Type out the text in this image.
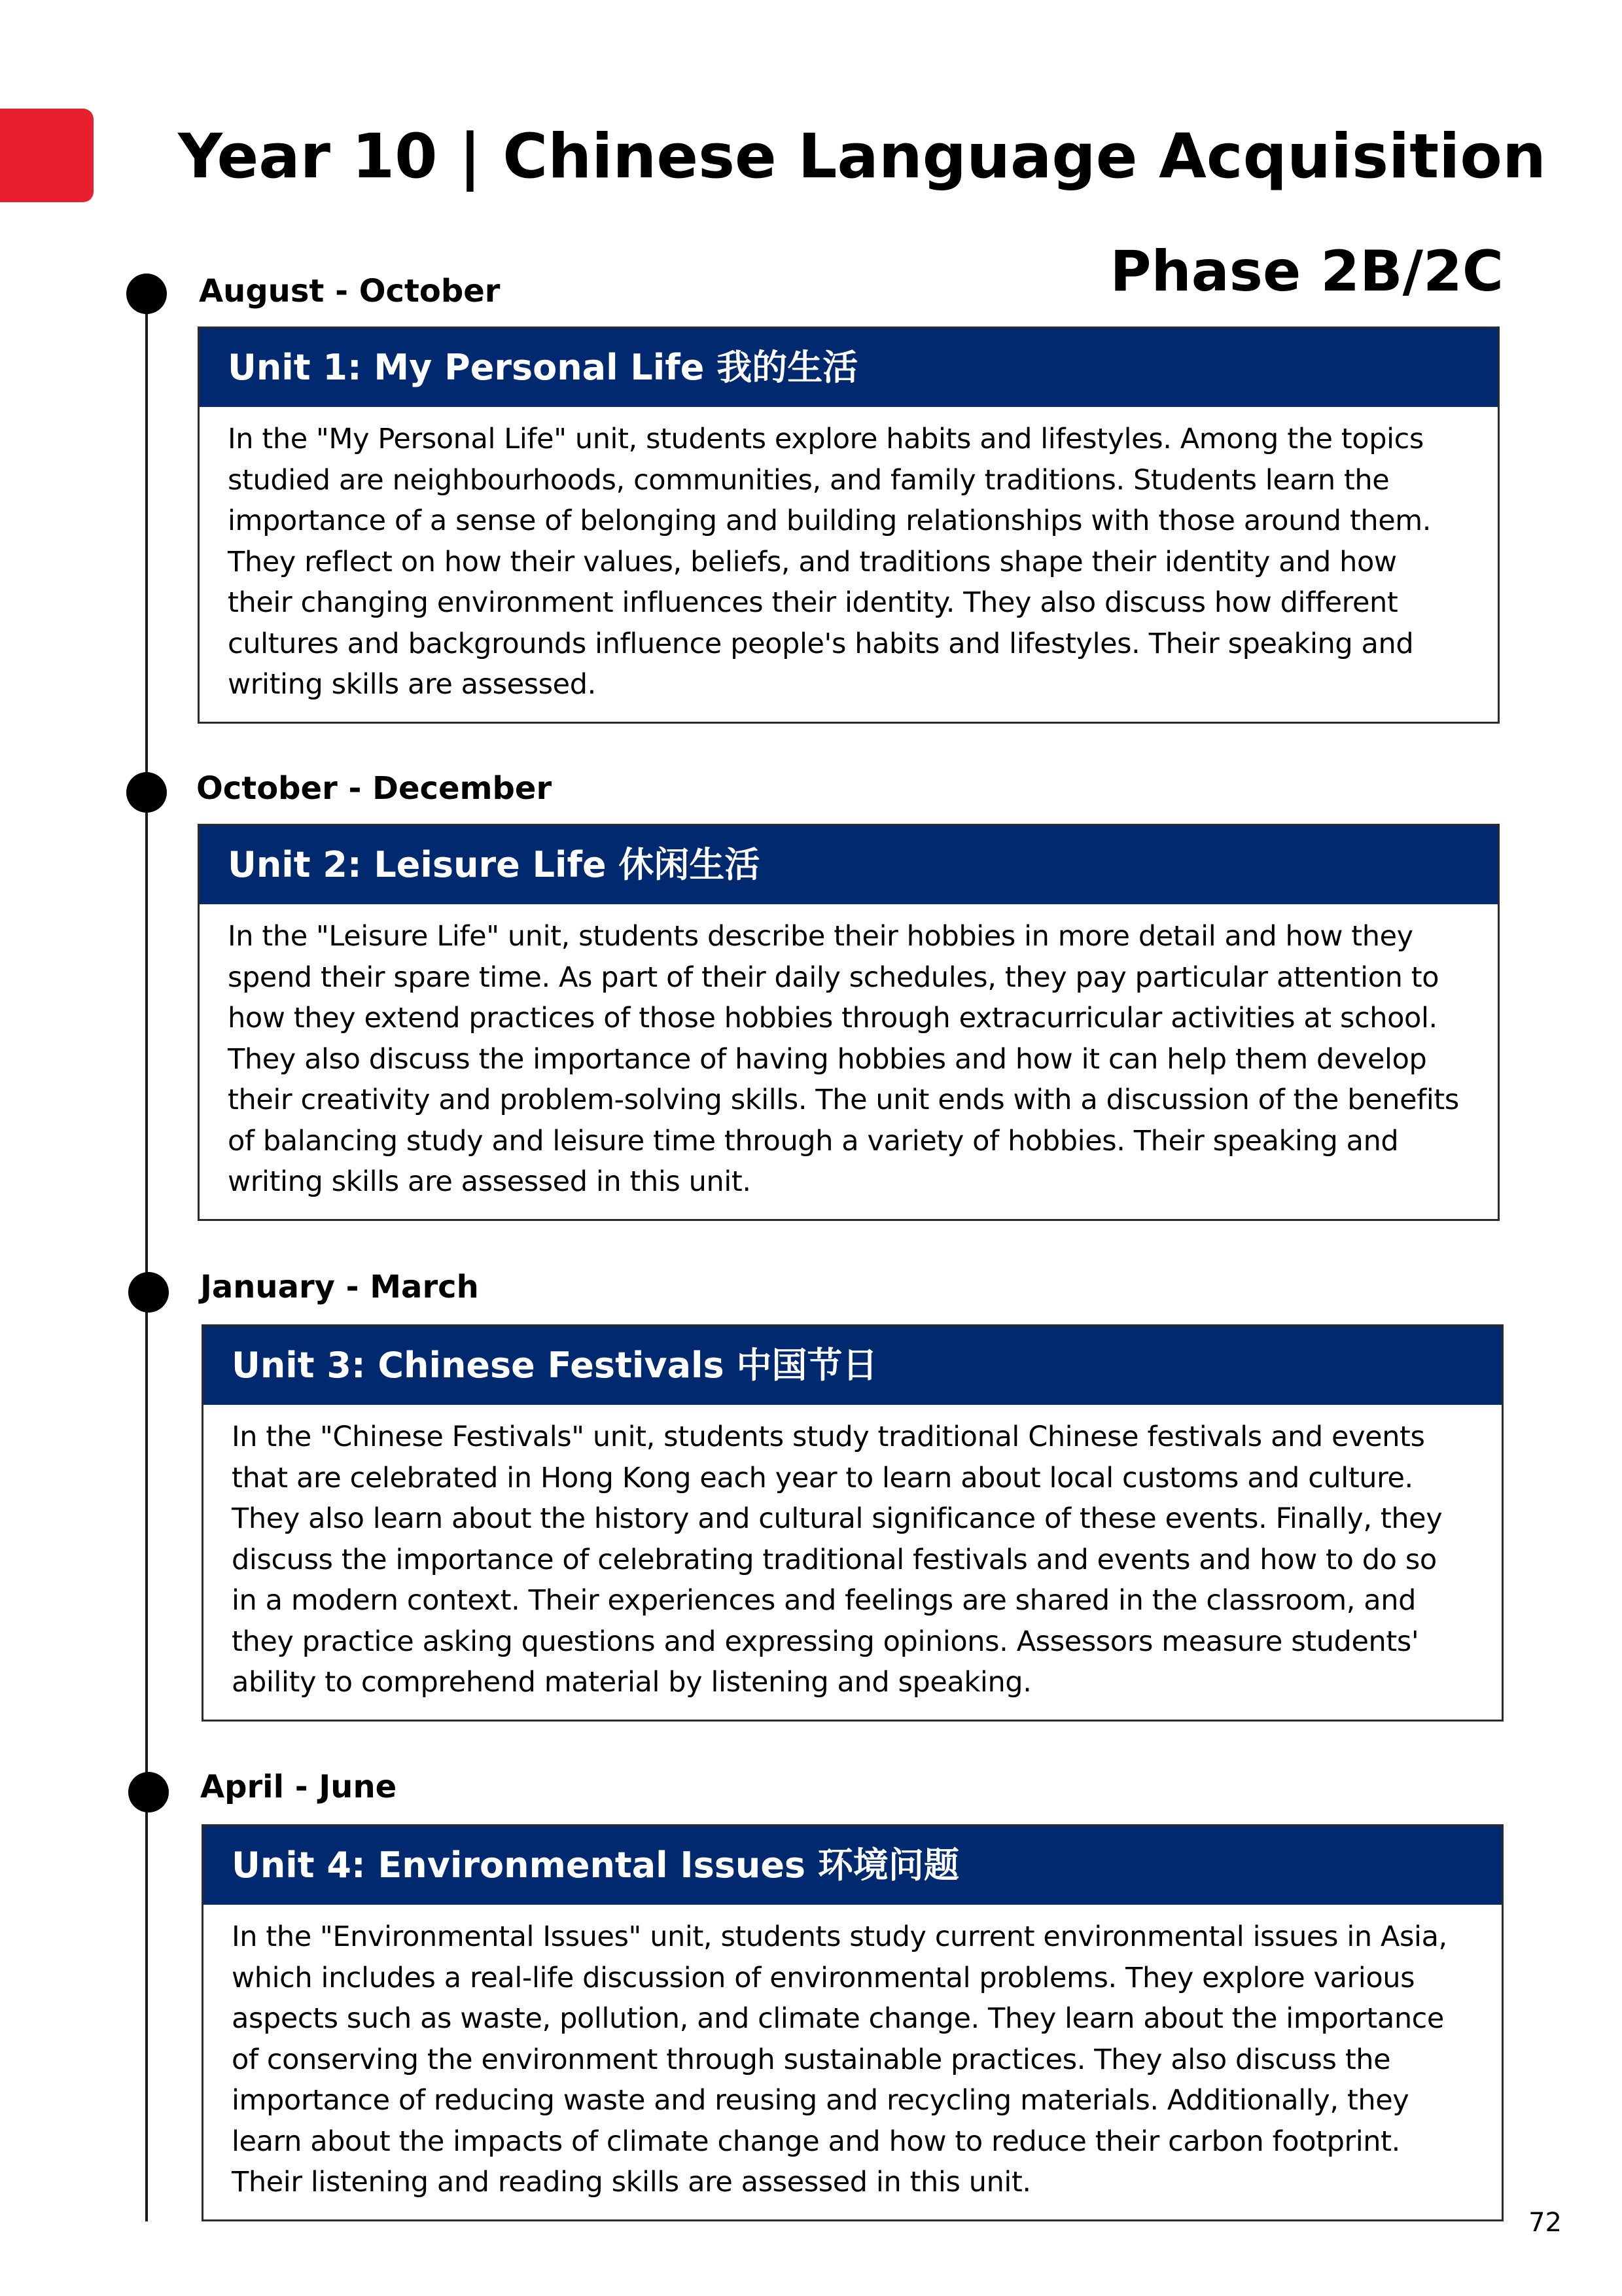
Year 10 | Chinese Language Acquisition
Phase 2B/2C
August - October
Unit 1: My Personal Life 我的生活

In the "My Personal Life" unit, students explore habits and lifestyles. Among the topics

studied are neighbourhoods, communities, and family traditions. Students learn the

importance of a sense of belonging and building relationships with those around them.

They reflect on how their values, beliefs, and traditions shape their identity and how

their changing environment influences their identity. They also discuss how different

cultures and backgrounds influence people's habits and lifestyles. Their speaking and

writing skills are assessed.

October - December
Unit 2: Leisure Life 休闲生活

In the "Leisure Life" unit, students describe their hobbies in more detail and how they

spend their spare time. As part of their daily schedules, they pay particular attention to

how they extend practices of those hobbies through extracurricular activities at school.

They also discuss the importance of having hobbies and how it can help them develop

their creativity and problem-solving skills. The unit ends with a discussion of the benefits

of balancing study and leisure time through a variety of hobbies. Their speaking and

writing skills are assessed in this unit.

January - March
Unit 3: Chinese Festivals 中国节日

In the "Chinese Festivals" unit, students study traditional Chinese festivals and events

that are celebrated in Hong Kong each year to learn about local customs and culture.

They also learn about the history and cultural significance of these events. Finally, they

discuss the importance of celebrating traditional festivals and events and how to do so

in a modern context. Their experiences and feelings are shared in the classroom, and

they practice asking questions and expressing opinions. Assessors measure students'

ability to comprehend material by listening and speaking.

April - June
Unit 4: Environmental Issues 环境问题

In the "Environmental Issues" unit, students study current environmental issues in Asia,

which includes a real-life discussion of environmental problems. They explore various

aspects such as waste, pollution, and climate change. They learn about the importance

of conserving the environment through sustainable practices. They also discuss the

importance of reducing waste and reusing and recycling materials. Additionally, they

learn about the impacts of climate change and how to reduce their carbon footprint.

Their listening and reading skills are assessed in this unit.

72
